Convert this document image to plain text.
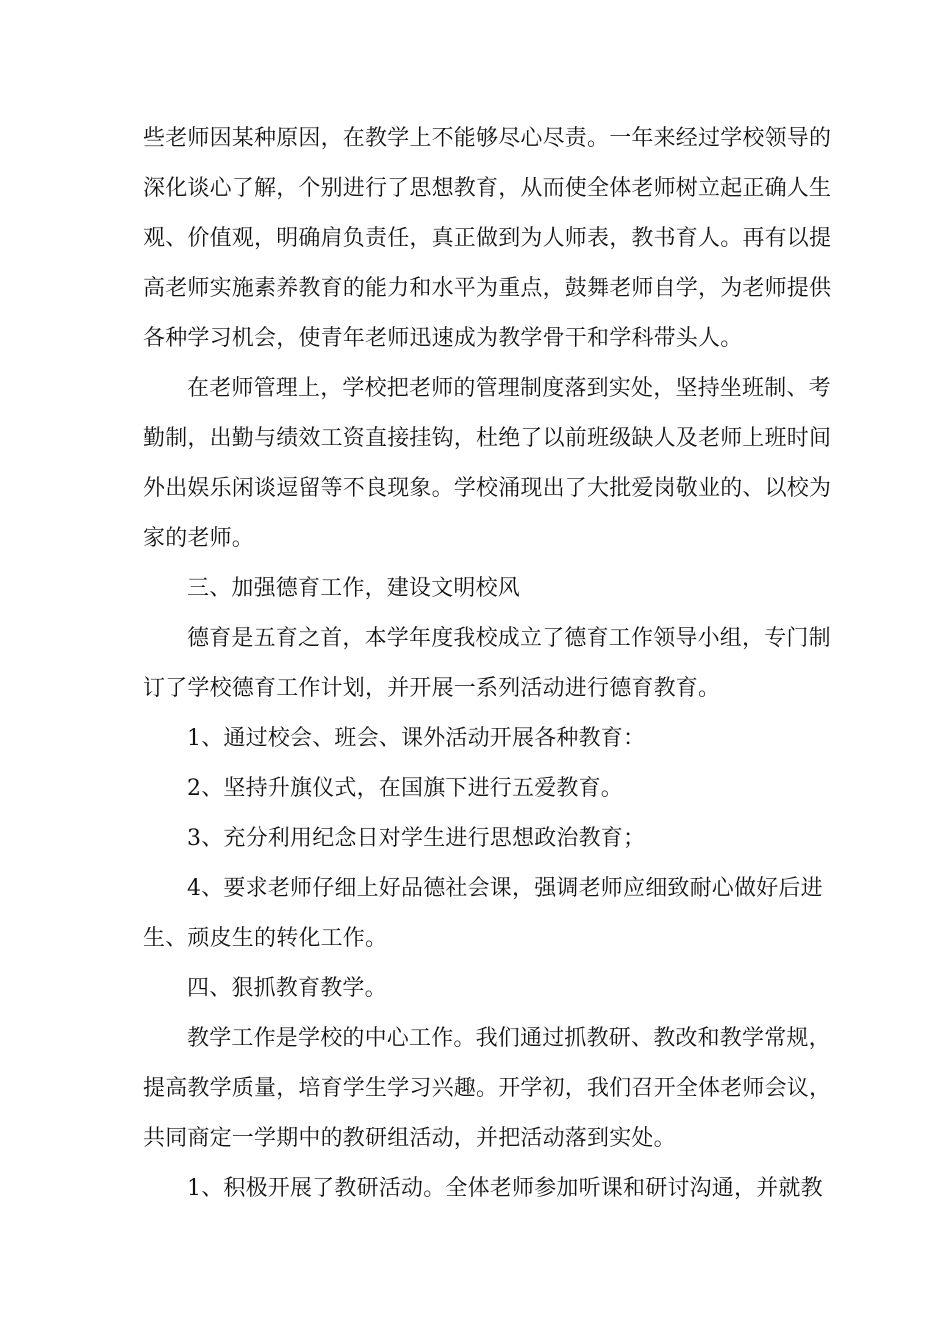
些老师因某种原因，在教学上不能够尽心尽责。一年来经过学校领导的
深化谈心了解，个别进行了思想教育，从而使全体老师树立起正确人生
观、价值观，明确肩负责任，真正做到为人师表，教书育人。再有以提
高老师实施素养教育的能力和水平为重点，鼓舞老师自学，为老师提供
各种学习机会，使青年老师迅速成为教学骨干和学科带头人。
在老师管理上，学校把老师的管理制度落到实处，坚持坐班制、考
勤制，出勤与绩效工资直接挂钩，杜绝了以前班级缺人及老师上班时间
外出娱乐闲谈逗留等不良现象。学校涌现出了大批爱岗敬业的、以校为
家的老师。
三、加强德育工作，建设文明校风
德育是五育之首，本学年度我校成立了德育工作领导小组，专门制
订了学校德育工作计划，并开展一系列活动进行德育教育。
1、通过校会、班会、课外活动开展各种教育：
2、坚持升旗仪式，在国旗下进行五爱教育。
3、充分利用纪念日对学生进行思想政治教育；
4、要求老师仔细上好品德社会课，强调老师应细致耐心做好后进
生、顽皮生的转化工作。
四、狠抓教育教学。
教学工作是学校的中心工作。我们通过抓教研、教改和教学常规，
提高教学质量，培育学生学习兴趣。开学初，我们召开全体老师会议，
共同商定一学期中的教研组活动，并把活动落到实处。
1、积极开展了教研活动。全体老师参加听课和研讨沟通，并就教
